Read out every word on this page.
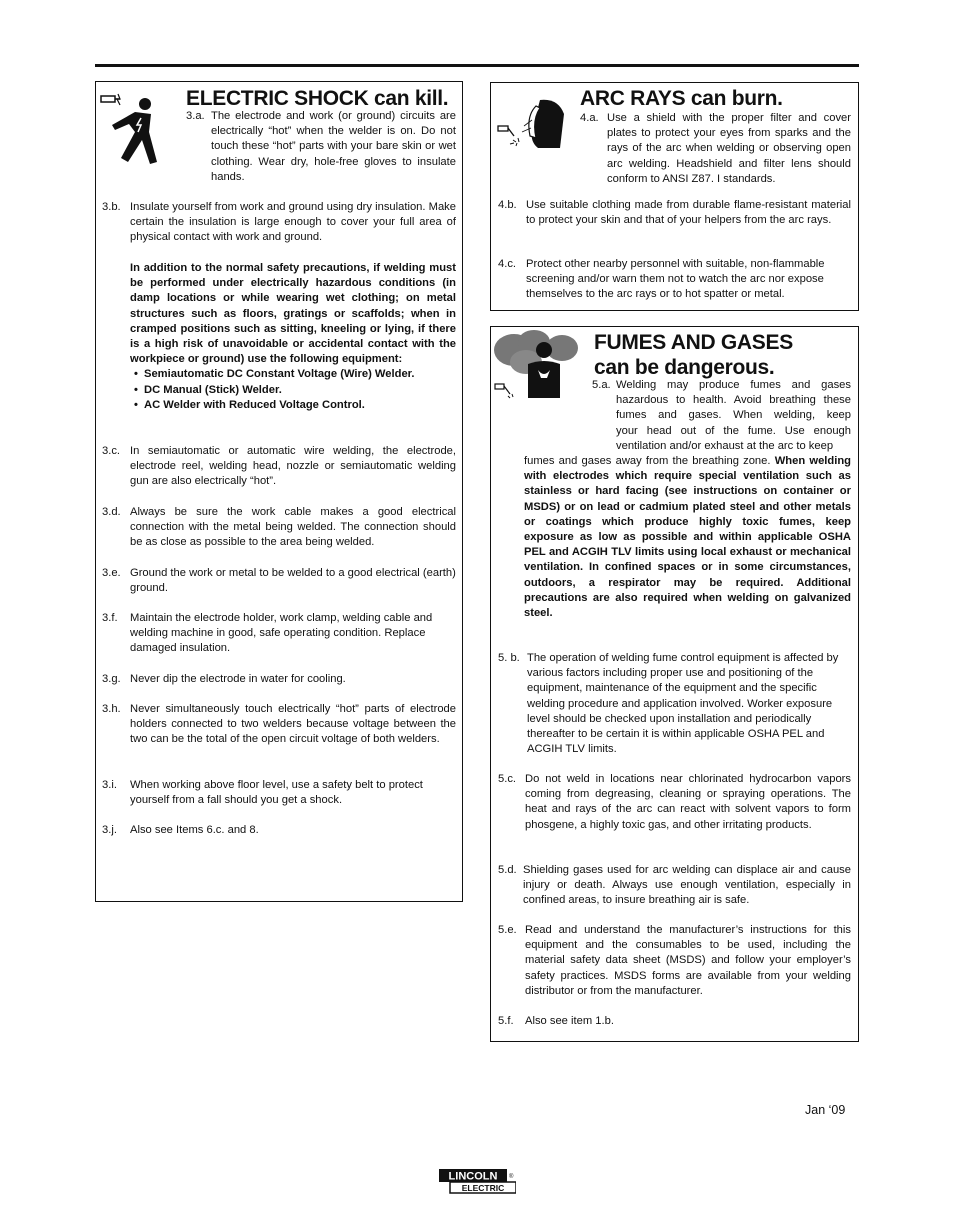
ELECTRIC SHOCK can kill.
3.a. The electrode and work (or ground) circuits are electrically “hot” when the welder is on. Do not touch these “hot” parts with your bare skin or wet clothing. Wear dry, hole-free gloves to insulate hands.

3.b. Insulate yourself from work and ground using dry insulation. Make certain the insulation is large enough to cover your full area of physical contact with work and ground.

In addition to the normal safety precautions, if welding must be performed under electrically hazardous conditions (in damp locations or while wearing wet clothing; on metal structures such as floors, gratings or scaffolds; when in cramped positions such as sitting, kneeling or lying, if there is a high risk of unavoidable or accidental contact with the workpiece or ground) use the following equipment:

• Semiautomatic DC Constant Voltage (Wire) Welder.
• DC Manual (Stick) Welder.
• AC Welder with Reduced Voltage Control.
3.c. In semiautomatic or automatic wire welding, the electrode, electrode reel, welding head, nozzle or semiautomatic welding gun are also electrically “hot”.

3.d. Always be sure the work cable makes a good electrical connection with the metal being welded. The connection should be as close as possible to the area being welded.

3.e. Ground the work or metal to be welded to a good electrical (earth) ground.

3.f.	Maintain the electrode holder, work clamp, welding cable and welding machine in good, safe operating condition. Replace damaged insulation.

3.g. Never dip the electrode in water for cooling.

3.h. Never simultaneously touch electrically “hot” parts of electrode holders connected to two welders because voltage between the two can be the total of the open circuit voltage of both welders.

3.i.	When working above floor level, use a safety belt to protect yourself from a fall should you get a shock.

3.j.	Also see Items 6.c. and 8.

ARC RAYS can burn.
4.a. Use a shield with the proper filter and cover plates to protect your eyes from sparks and the rays of the arc when welding or observing open arc welding. Headshield and filter lens should conform to ANSI Z87. I standards.

4.b. Use suitable clothing made from durable flame-resistant material to protect your skin and that of your helpers from the arc rays.

4.c. Protect other nearby personnel with suitable, non-flammable screening and/or warn them not to watch the arc nor expose themselves to the arc rays or to hot spatter or metal.

FUMES AND GASES
can be dangerous.
5.a. Welding may produce fumes and gases
hazardous to health. Avoid breathing these
fumes and gases. When welding, keep
your head out of the fume. Use enough
ventilation and/or exhaust at the arc to keep

fumes and gases away from the breathing zone. When welding with electrodes which require special ventilation such as stainless or hard facing (see instructions on container or MSDS) or on lead or cadmium plated steel and other metals or coatings which produce highly toxic fumes, keep exposure as low as possible and within applicable OSHA PEL and ACGIH TLV limits using local exhaust or mechanical ventilation. In confined spaces or in some circumstances, outdoors, a respirator may be required. Additional precautions are also required when welding on galvanized steel.

5. b. The operation of welding fume control equipment is affected by various factors including proper use and positioning of the equipment, maintenance of the equipment and the specific welding procedure and application involved. Worker exposure level should be checked upon installation and periodically thereafter to be certain it is within applicable OSHA PEL and ACGIH TLV limits.

5.c. Do not weld in locations near chlorinated hydrocarbon vapors coming from degreasing, cleaning or spraying operations. The heat and rays of the arc can react with solvent vapors to form phosgene, a highly toxic gas, and other irritating products.

5.d. Shielding gases used for arc welding can displace air and cause injury or death. Always use enough ventilation, especially in confined areas, to insure breathing air is safe.

5.e. Read and understand the manufacturer’s instructions for this equipment and the consumables to be used, including the material safety data sheet (MSDS) and follow your employer’s safety practices. MSDS forms are available from your welding distributor or from the manufacturer.

5.f.	Also see item 1.b.

Jan ‘09
LINCOLN
ELECTRIC
®
